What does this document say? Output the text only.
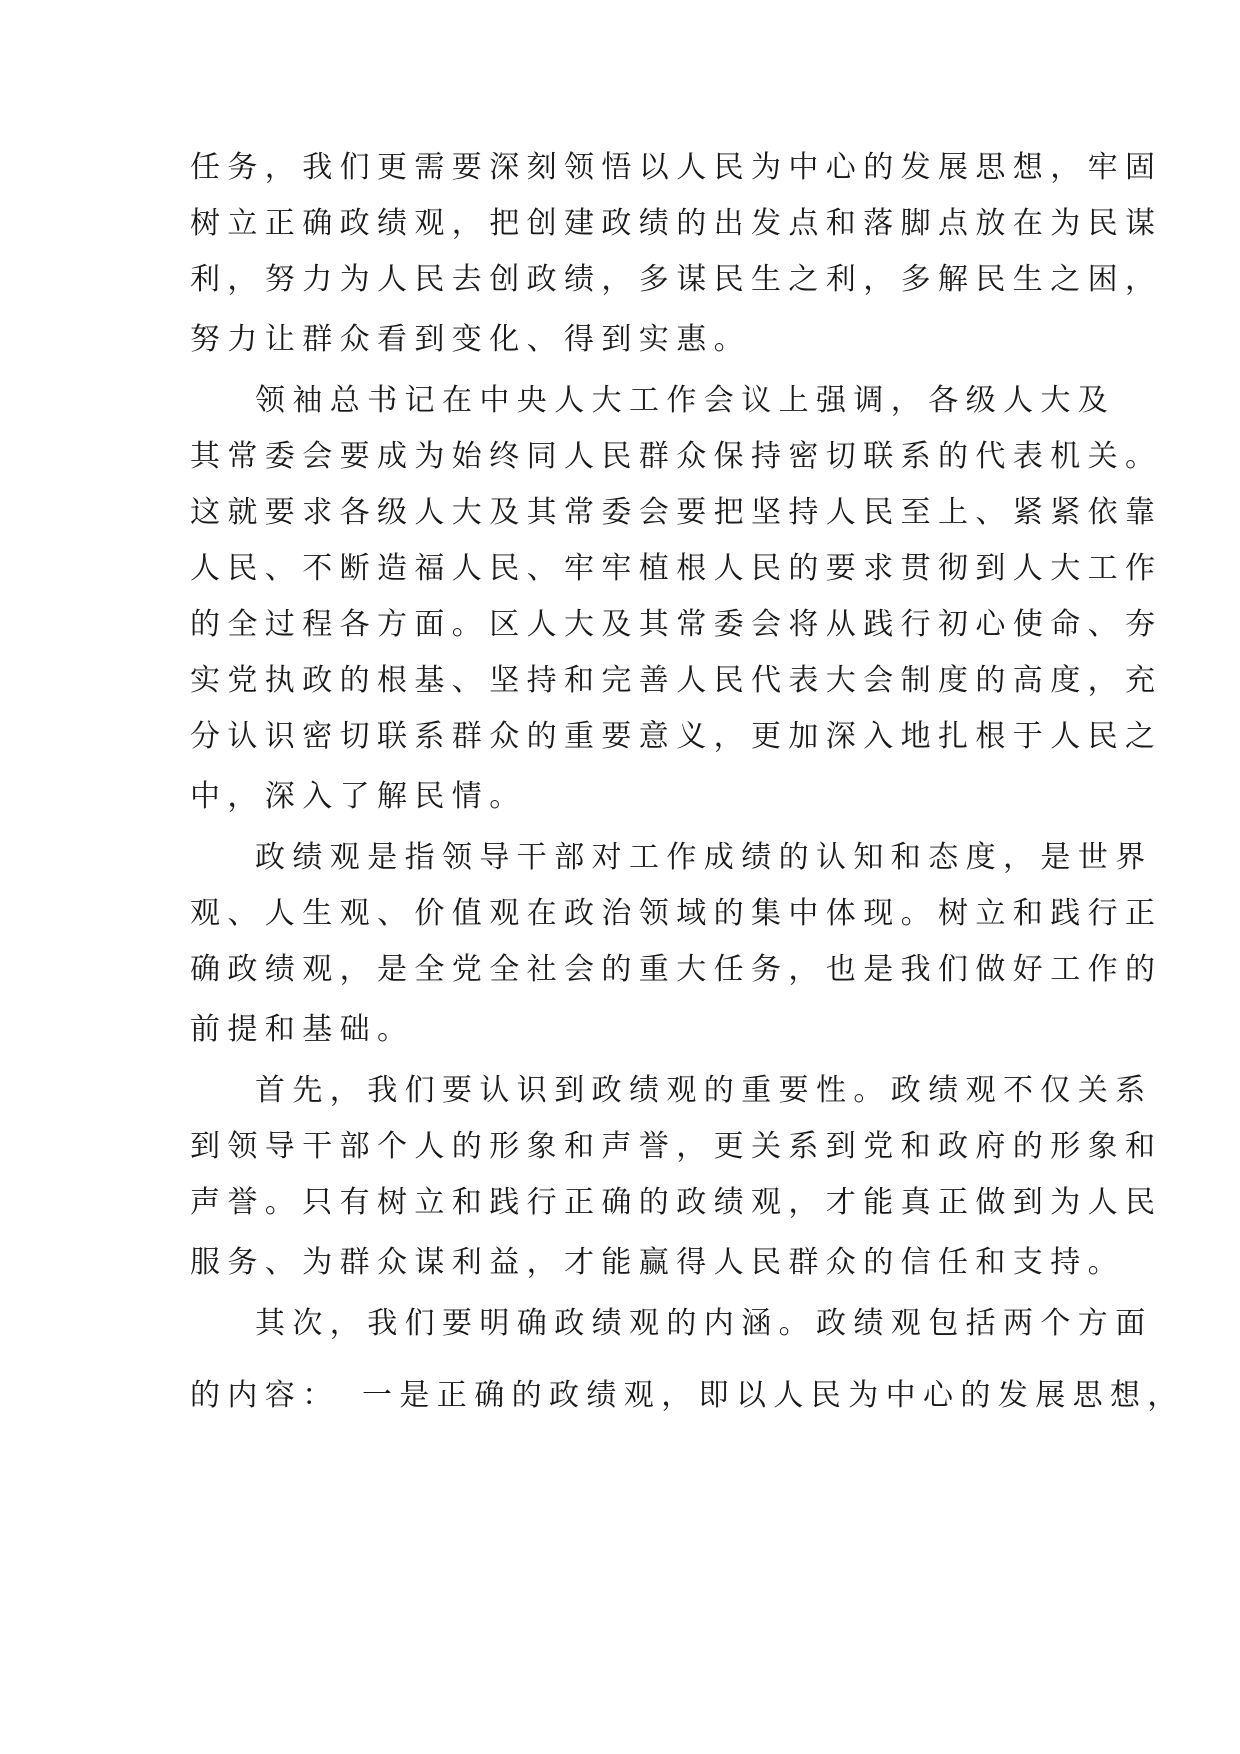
任务，我们更需要深刻领悟以人民为中心的发展思想，牢固
树立正确政绩观，把创建政绩的出发点和落脚点放在为民谋
利，努力为人民去创政绩，多谋民生之利，多解民生之困，
努力让群众看到变化、得到实惠。
领袖总书记在中央人大工作会议上强调，各级人大及
其常委会要成为始终同人民群众保持密切联系的代表机关。
这就要求各级人大及其常委会要把坚持人民至上、紧紧依靠
人民、不断造福人民、牢牢植根人民的要求贯彻到人大工作
的全过程各方面。区人大及其常委会将从践行初心使命、夯
实党执政的根基、坚持和完善人民代表大会制度的高度，充
分认识密切联系群众的重要意义，更加深入地扎根于人民之
中，深入了解民情。
政绩观是指领导干部对工作成绩的认知和态度，是世界
观、人生观、价值观在政治领域的集中体现。树立和践行正
确政绩观，是全党全社会的重大任务，也是我们做好工作的
前提和基础。
首先，我们要认识到政绩观的重要性。政绩观不仅关系
到领导干部个人的形象和声誉，更关系到党和政府的形象和
声誉。只有树立和践行正确的政绩观，才能真正做到为人民
服务、为群众谋利益，才能赢得人民群众的信任和支持。
其次，我们要明确政绩观的内涵。政绩观包括两个方面
的内容：　一是正确的政绩观，即以人民为中心的发展思想，
